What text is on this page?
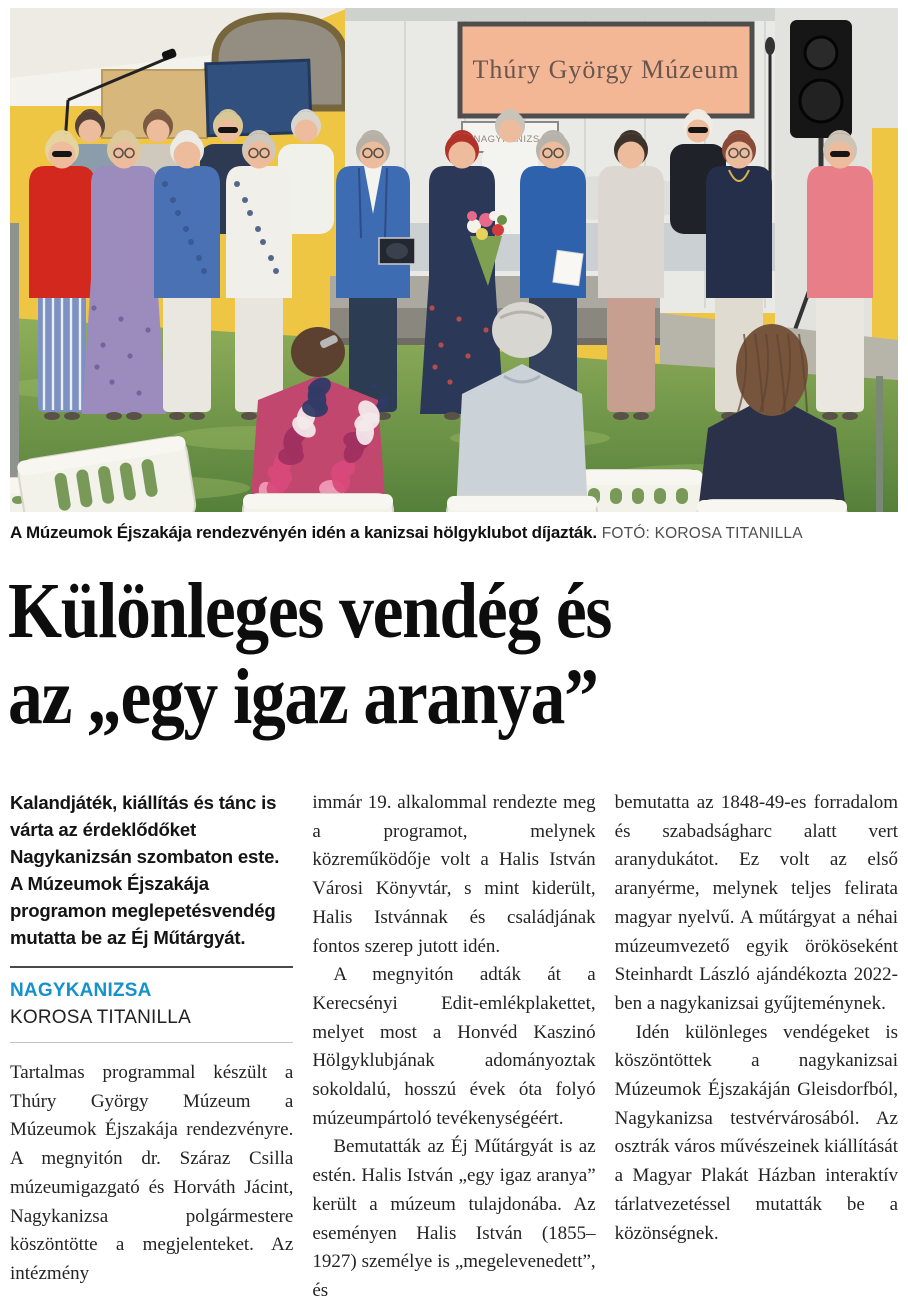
Thúry György Múzeum
A Múzeumok Éjszakája rendezvényén idén a kanizsai hölgyklubot díjazták. FOTÓ: KOROSA TITANILLA
Különleges vendég és
az „egy igaz aranya”

Kalandjáték, kiállítás és tánc is várta az érdeklődőket Nagykanizsán szombaton este. A Múzeumok Éjszakája programon meglepetésvendég mutatta be az Éj Műtárgyát.

NAGYKANIZSA
KOROSA TITANILLA

Tartalmas programmal készült a Thúry György Múzeum a Múzeumok Éjszakája rendezvényre. A megnyitón dr. Száraz Csilla múzeumigazgató és Horváth Jácint, Nagykanizsa polgármestere köszöntötte a megjelenteket. Az intézmény

immár 19. alkalommal rendezte meg a programot, melynek közreműködője volt a Halis István Városi Könyvtár, s mint kiderült, Halis Istvánnak és családjának fontos szerep jutott idén.

A megnyitón adták át a Kerecsényi Edit-emlékplakettet, melyet most a Honvéd Kaszinó Hölgyklubjának adományoztak sokoldalú, hosszú évek óta folyó múzeumpártoló tevékenységéért.

Bemutatták az Éj Műtárgyát is az estén. Halis István „egy igaz aranya” került a múzeum tulajdonába. Az eseményen Halis István (1855–1927) személye is „megelevenedett”, és

bemutatta az 1848-49-es forradalom és szabadságharc alatt vert aranydukátot. Ez volt az első aranyérme, melynek teljes felirata magyar nyelvű. A műtárgyat a néhai múzeumvezető egyik örököseként Steinhardt László ajándékozta 2022-ben a nagykanizsai gyűjteménynek.

Idén különleges vendégeket is köszöntöttek a nagykanizsai Múzeumok Éjszakáján Gleisdorfból, Nagykanizsa testvérvárosából. Az osztrák város művészeinek kiállítását a Magyar Plakát Házban interaktív tárlatvezetéssel mutatták be a közönségnek.
